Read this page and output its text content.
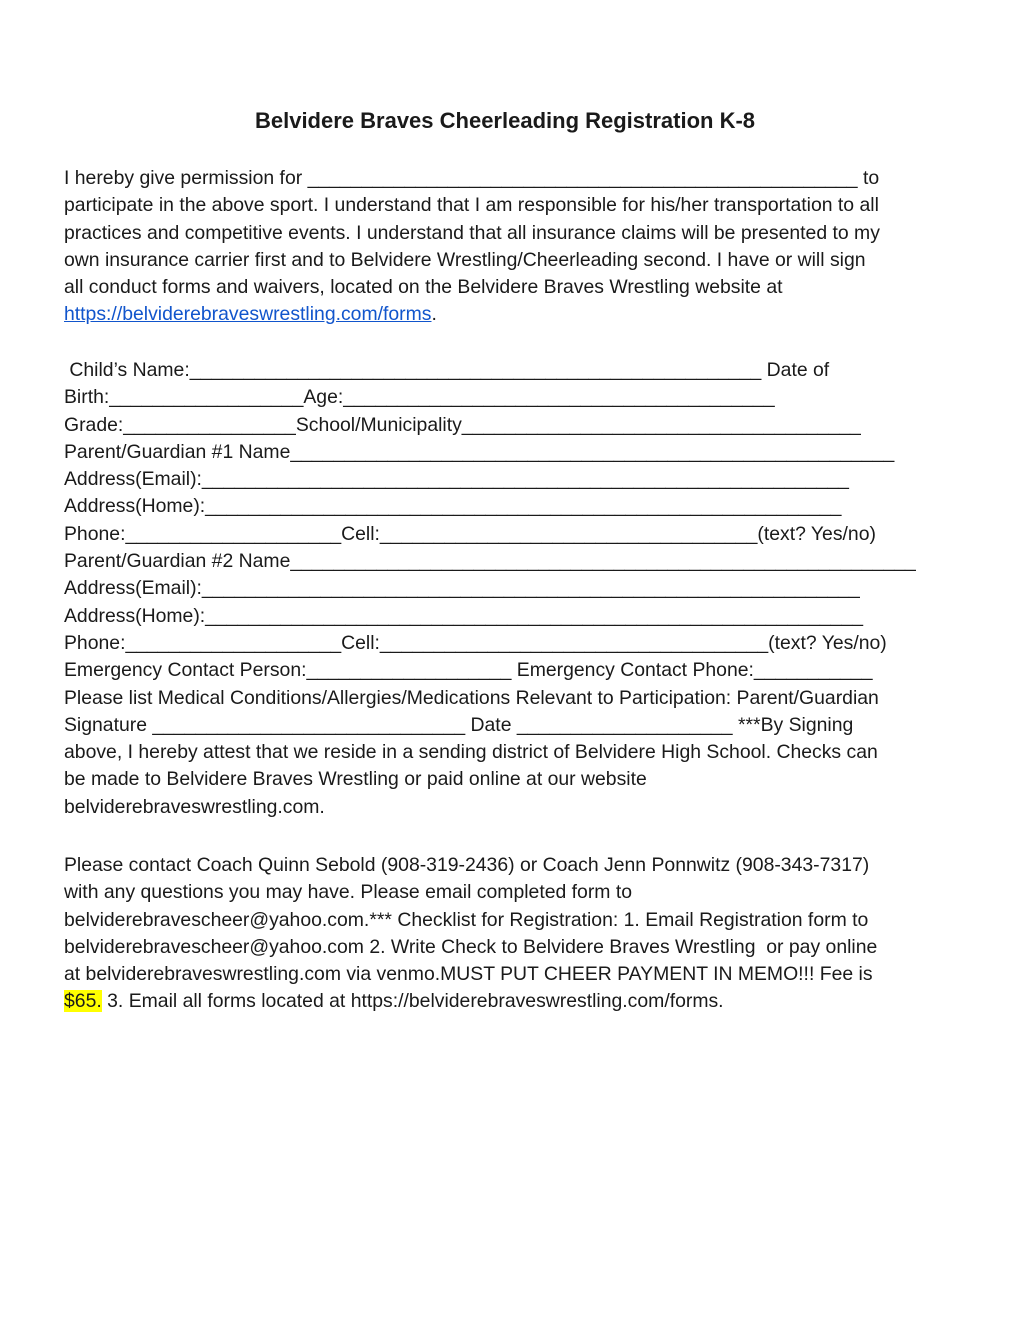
Belvidere Braves Cheerleading Registration K-8
I hereby give permission for ___________________________________________________ to
participate in the above sport. I understand that I am responsible for his/her transportation to all
practices and competitive events. I understand that all insurance claims will be presented to my
own insurance carrier first and to Belvidere Wrestling/Cheerleading second. I have or will sign
all conduct forms and waivers, located on the Belvidere Braves Wrestling website at
https://belviderebraveswrestling.com/forms.
Child’s Name:_____________________________________________________ Date of
Birth:__________________Age:________________________________________
Grade:________________School/Municipality_____________________________________
Parent/Guardian #1 Name________________________________________________________
Address(Email):____________________________________________________________
Address(Home):___________________________________________________________
Phone:____________________Cell:___________________________________(text? Yes/no)
Parent/Guardian #2 Name__________________________________________________________
Address(Email):_____________________________________________________________
Address(Home):_____________________________________________________________
Phone:____________________Cell:____________________________________(text? Yes/no)
Emergency Contact Person:___________________ Emergency Contact Phone:___________
Please list Medical Conditions/Allergies/Medications Relevant to Participation: Parent/Guardian
Signature _____________________________ Date ____________________ ***By Signing
above, I hereby attest that we reside in a sending district of Belvidere High School. Checks can
be made to Belvidere Braves Wrestling or paid online at our website
belviderebraveswrestling.com.
Please contact Coach Quinn Sebold (908-319-2436) or Coach Jenn Ponnwitz (908-343-7317)
with any questions you may have. Please email completed form to
belviderebravescheer@yahoo.com.*** Checklist for Registration: 1. Email Registration form to
belviderebravescheer@yahoo.com 2. Write Check to Belvidere Braves Wrestling  or pay online
at belviderebraveswrestling.com via venmo.MUST PUT CHEER PAYMENT IN MEMO!!! Fee is
$65. 3. Email all forms located at https://belviderebraveswrestling.com/forms.
